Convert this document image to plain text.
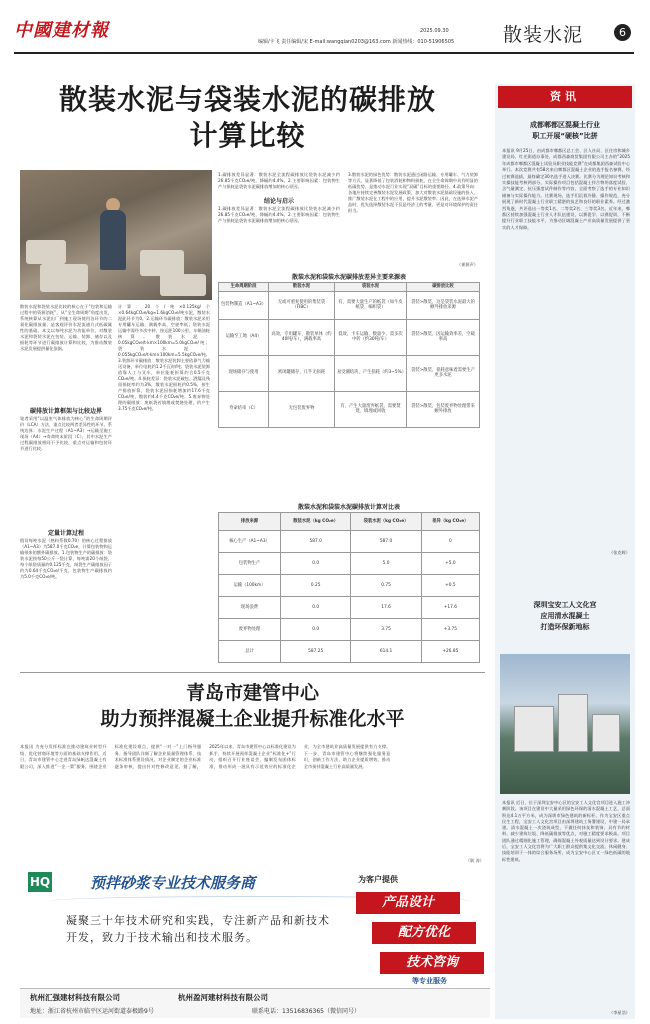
中國建材報	2025.09.30
编辑/卡飞 责任编辑/宋 E-mail:wangqian0203@163.com 新闻热线：010-51906505	散装水泥	6
散装水泥与袋装水泥的碳排放
计算比较
散装水泥和袋装水泥比较的核心在于“包装和运输过程中的资源消耗”，从“全生命周期”角度出发，系统核算从水泥出厂到施工现场使用各环节的二氧化碳排放量，是客观评价水泥流通方式低碳属性的基础。本文以每吨水泥为功能单位，对散装水泥和袋装水泥在包装、运输、装卸、储存以及损耗等环节进行碳排放计算和比较，为推动散装水泥发展提供量化依据。
碳排放计算框架与比较边界
笔者采用“以温室气体排放为核心”的生命周期评价（LCA）方法，重点比较两者差异性的环节。系统边界：水泥生产过程（A1~A3）→运输至施工现场（A4）→寿命终末阶段（C），其中水泥生产过程碳排放相同不予比较，重点对运输和包装环节进行比较。
定量计算过程
假设每吨水泥（熟料系数0.70）的核心过程排放（A1~A3）为587.0千克CO₂e，计算包装物和运输带来的额外碳排放。1.包装物生产的碳排放：袋装水泥按每50公斤一袋计算，每吨需20个纸袋，每个纸袋质量约0.125千克，纸袋生产碳排放因子约为0.64千克CO₂e/千克，包装物生产碳排放约为5.0千克CO₂e/吨。
计算：20个/吨×0.125kg/个×0.64kgCO₂e/kg≈1.6kgCO₂e/吨水泥，散装水泥此环节为0。2.运输环节碳排放：散装水泥采用专用罐车运输，满载率高、空驶率低；袋装水泥运输中需经多次中转，按运距100公里、车辆油耗核算。散装水泥：0.05kgCO₂e/t·km×100km=5.0kgCO₂e/吨；袋装水泥：0.055kgCO₂e/t·km×100km=5.5kgCO₂e/吨。3.装卸环节碳排放：散装水泥装卸主要依靠气力输送设备，单位电耗约1.2千瓦时/吨；袋装水泥装卸依靠人工与叉车，单位能耗折算约合0.5千克CO₂e/吨。4.损耗差异：袋装水泥破包、洒漏及残留损耗率约为3%，散装水泥损耗约0.5%，按生产排放折算，袋装水泥因损耗增加约17.6千克CO₂e/吨，散装约4.4千克CO₂e/吨。5.废弃物处理的碳排放：废纸袋若填埋或焚烧处理，约产生3.75千克CO₂e/吨。
1.碳排放差异显著：散装水泥全流程碳排放比袋装水泥减少约26.85千克CO₂e/吨，降幅约4.4%。2.主要影响因素：包装物生产与损耗是袋装水泥碳排放增加的核心原因。
结论与启示
1.碳排放差异显著：散装水泥全流程碳排放比袋装水泥减少约26.85千克CO₂e/吨，降幅约4.4%。2.主要影响因素：包装物生产与损耗是袋装水泥碳排放增加的核心原因。
3.散装水泥的绿色优势：散装水泥通过闭路运输、专用罐车、气力装卸等方式，显著降低了包装消耗和物料损耗，在全生命周期中具有明显的低碳优势，是推动水泥行业实现“双碳”目标的重要路径。4.政策导向：各地应持续完善散装水泥发展政策，加大对散装水泥基础设施的投入，推广散装水泥在工程中的应用，提升水泥散装率。因此，在选择水泥产品时，优先选择散装水泥不仅是经济上的考量，更是对环境保护的责任担当。
（崔源声）
散装水泥和袋装水泥碳排放差异主要来源表
生命周期阶段	散装水泥	袋装水泥	碳排放比较
包装物制造（A1~A3）	无或可重复使用的集装袋（FIBC）	有，需要大量生产的纸袋（如牛皮纸袋、编织袋）	袋装>散装，这是袋装水泥最大的额外排放来源
运输至工地（A4）	高效，专用罐车，散装单体（约40吨/车），满载率高	低效，卡车运输，数量少，需多次中转（约30吨/车）	袋装>散装，因运输效率差，空载率高
现场储存与使用	密闭罐储存，几乎无损耗	易受潮结块，产生损耗（约3~5%）	袋装>散装，损耗意味着需要生产更多水泥
寿命结束（C）	无包装废弃物	有，产生大量废弃纸袋，需要焚烧、填埋或回收	袋装>散装，包装废弃物处理带来额外排放
散装水泥和袋装水泥碳排放计算对比表
排放来源	散装水泥（kg CO₂e）	袋装水泥（kg CO₂e）	差异（kg CO₂e）
核心生产（A1~A3）	587.0	587.0	0
包装物生产	0.0	5.0	+5.0
运输（100km）	0.25	0.75	+0.5
现场浪费	0.0	17.6	+17.6
废弃物处理	0.0	3.75	+3.75
总计	587.25	614.1	+26.85
资讯
成都郫都区混凝土行业
职工开展“硬核”比拼
本报讯 9月25日，由成都市郫都区总工会、区人社局、区住房和城乡建设局、红光街道办事处、成都西森商贸集团有限公司主办的“2025年成都市郫都区混凝土试验员职业技能竞赛”在成都集团西森试验中心举行。本次竞赛共有58名来自郫都区混凝土企业的选手报名参赛，经过初赛选拔，最终确定30名选手进入决赛。比赛分为理论知识考核和实操技能考核两部分，实际操作项目包括混凝土拌合物坍落度试验、含气量测定、抗压强度试件制作等内容，全面考察了选手的专业知识储备与实际操作能力。比赛现场，选手们沉着冷静、操作规范，充分展现了新时代混凝土行业职工精湛的技艺和良好的职业素养。经过激烈角逐，共评选出一等奖1名、二等奖2名、三等奖3名。近年来，郫都区持续加强混凝土行业人才队伍建设，以赛促学、以赛促训，不断提升行业职工技能水平，为推动区域混凝土产业高质量发展提供了坚实的人才保障。
（张克辉）
深圳宝安工人文化宫
应用清水混凝土
打造环保新地标
本报讯 近日，位于深圳宝安中心区的宝安工人文化宫项目进入施工冲刺阶段。该项目在建设中大量采用绿色环保的清水混凝土工艺，总面积达4.1万平方米，成为深圳市绿色建筑的新标杆。作为宝安区重点民生工程，宝安工人文化宫项目由深圳建筑工务署建设，中建一局承建。清水混凝土一次浇筑成型，不做任何抹灰和装饰，具有节约材料、减少建筑垃圾、降低碳排放等优点，对施工精度要求极高。项目团队通过精细化施工管理，确保混凝土外观质量达到设计要求。建成后，宝安工人文化宫将为广大职工群众提供集文化交流、休闲健身、技能培训于一体的综合服务场所，成为宝安中心区又一绿色低碳的地标性建筑。
（李星浩）
青岛市建管中心
助力预拌混凝土企业提升标准化水平
本报讯 为充分发挥标准在推动建筑业转型升级、优化营商环境等方面的基础支撑作用，近日，青岛市建管中心走进青岛绿帆达混凝土有限公司，深入推进“一企一策”服务，围绕企业标准化建设难点，提供“一对一”上门指导服务。指导团队详细了解企业质量管理体系、技术标准体系建设情况，对企业制定的企业标准逐条审核，提出针对性修改意见。据了解，2025年以来，青岛市建管中心以标准化建设为抓手，持续开展预拌混凝土企业“标准化+”行动，组织召开行业座谈会，编制发布团体标准，推动形成一批具有示范效应的标准化企业，为全市建筑业高质量发展提供有力支撑。下一步，青岛市建管中心将继续强化服务意识，创新工作方法，助力企业提质增效，推动全市预拌混凝土行业高质量发展。
（耿 涛）
HQ	预拌砂浆专业技术服务商	为客户提供
产品设计
配方优化
技术咨询
凝聚三十年技术研究和实践，专注新产品和新技术开发，致力于技术输出和技术服务。
等专业服务
杭州汇强建材科技有限公司	杭州盈河建材科技有限公司
地址：浙江省杭州市临平区运河街道泰极路9号	联系电话：13516836365（微信同号）
